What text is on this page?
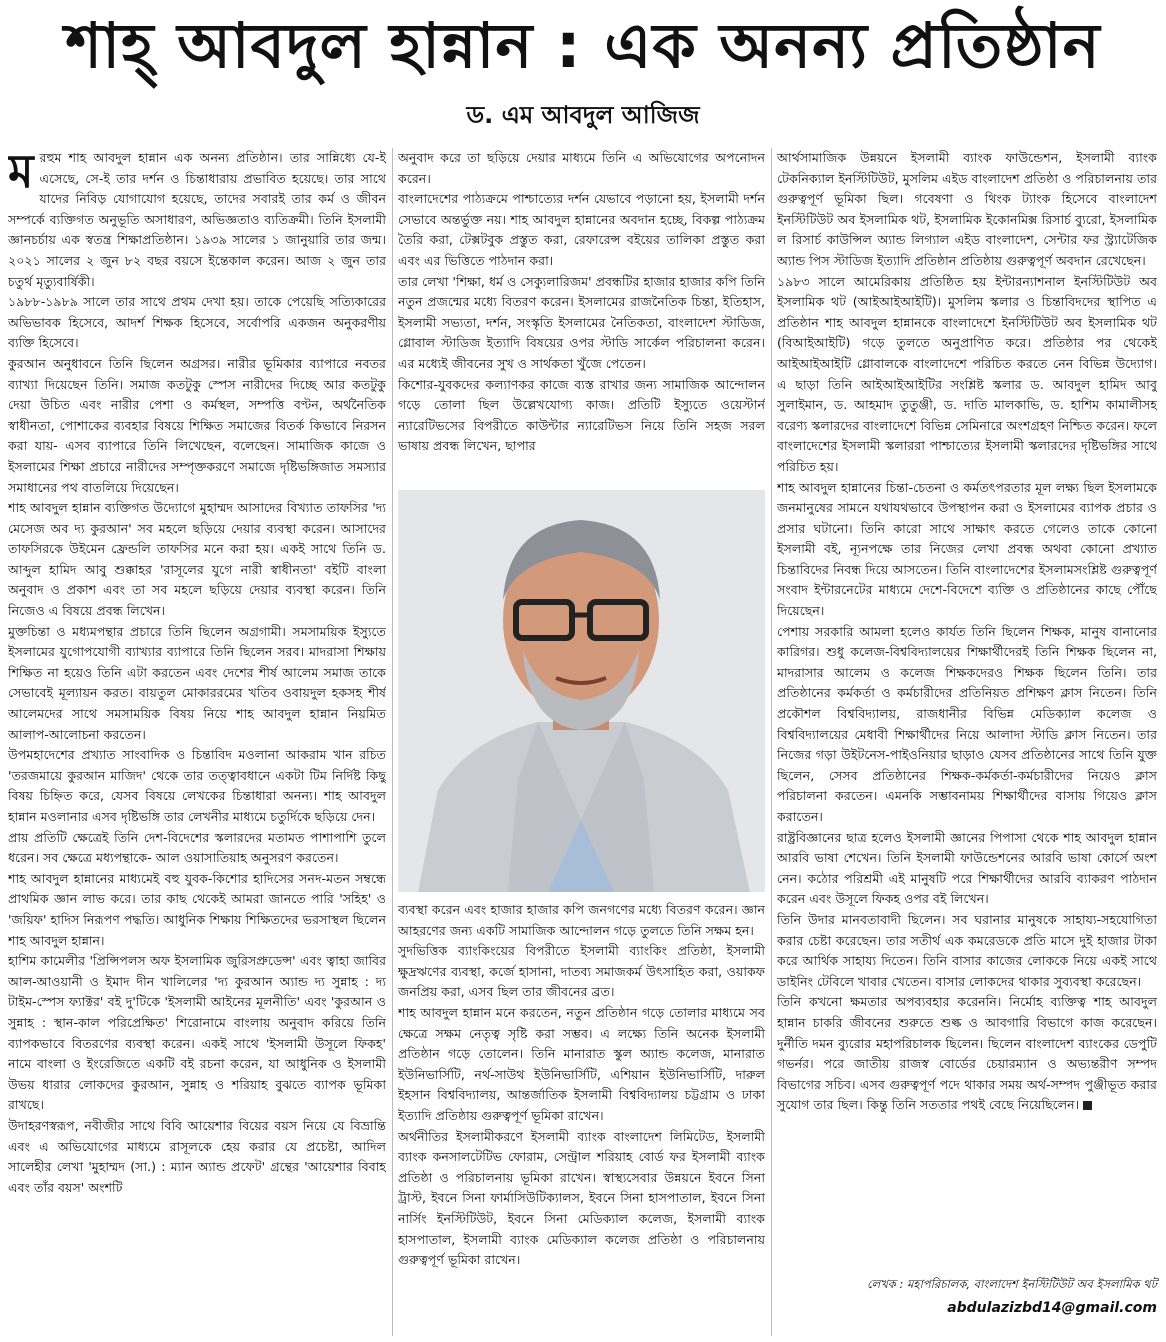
শাহ্‌ আবদুল হান্নান : এক অনন্য প্রতিষ্ঠান
ড. এম আবদুল আজিজ

মরহুম শাহ আবদুল হান্নান এক অনন্য প্রতিষ্ঠান। তার সান্নিধ্যে যে-ই এসেছে, সে-ই তার দর্শন ও চিন্তাধারায় প্রভাবিত হয়েছে। তার সাথে যাদের নিবিড় যোগাযোগ হয়েছে, তাদের সবারই তার কর্ম ও জীবন সম্পর্কে ব্যক্তিগত অনুভূতি অসাধারণ, অভিজ্ঞতাও ব্যতিক্রমী। তিনি ইসলামী জ্ঞানচর্চায় এক স্বতন্ত্র শিক্ষাপ্রতিষ্ঠান। ১৯৩৯ সালের ১ জানুয়ারি তার জন্ম। ২০২১ সালের ২ জুন ৮২ বছর বয়সে ইন্তেকাল করেন। আজ ২ জুন তার চতুর্থ মৃত্যুবার্ষিকী।

১৯৮৮-১৯৮৯ সালে তার সাথে প্রথম দেখা হয়। তাকে পেয়েছি সত্যিকারের অভিভাবক হিসেবে, আদর্শ শিক্ষক হিসেবে, সর্বোপরি একজন অনুকরণীয় ব্যক্তি হিসেবে।

কুরআন অনুধাবনে তিনি ছিলেন অগ্রসর। নারীর ভূমিকার ব্যাপারে নবতর ব্যাখ্যা দিয়েছেন তিনি। সমাজ কতটুকু স্পেস নারীদের দিচ্ছে আর কতটুকু দেয়া উচিত এবং নারীর পেশা ও কর্মস্থল, সম্পত্তি বণ্টন, অর্থনৈতিক স্বাধীনতা, পোশাকের ব্যবহার বিষয়ে শিক্ষিত সমাজের বিতর্ক কিভাবে নিরসন করা যায়- এসব ব্যাপারে তিনি লিখেছেন, বলেছেন। সামাজিক কাজে ও ইসলামের শিক্ষা প্রচারে নারীদের সম্পৃক্তকরণে সমাজে দৃষ্টিভঙ্গিজাত সমস্যার সমাধানের পথ বাতলিয়ে দিয়েছেন।

শাহ আবদুল হান্নান ব্যক্তিগত উদ্যোগে মুহাম্মদ আসাদের বিখ্যাত তাফসির 'দ্য মেসেজ অব দ্য কুরআন' সব মহলে ছড়িয়ে দেয়ার ব্যবস্থা করেন। আসাদের তাফসিরকে উইমেন ফ্রেন্ডলি তাফসির মনে করা হয়। একই সাথে তিনি ড. আব্দুল হামিদ আবু শুক্কাহর 'রাসূলের যুগে নারী স্বাধীনতা' বইটি বাংলা অনুবাদ ও প্রকাশ এবং তা সব মহলে ছড়িয়ে দেয়ার ব্যবস্থা করেন। তিনি নিজেও এ বিষয়ে প্রবন্ধ লিখেন।

মুক্তচিন্তা ও মধ্যমপন্থার প্রচারে তিনি ছিলেন অগ্রগামী। সমসাময়িক ইস্যুতে ইসলামের যুগোপযোগী ব্যাখ্যার ব্যাপারে তিনি ছিলেন সরব। মাদরাসা শিক্ষায় শিক্ষিত না হয়েও তিনি এটা করতেন এবং দেশের শীর্ষ আলেম সমাজ তাকে সেভাবেই মূল্যায়ন করত। বায়তুল মোকাররমের খতিব ওবায়দুল হকসহ শীর্ষ আলেমদের সাথে সমসাময়িক বিষয় নিয়ে শাহ আবদুল হান্নান নিয়মিত আলাপ-আলোচনা করতেন।

উপমহাদেশের প্রখ্যাত সাংবাদিক ও চিন্তাবিদ মওলানা আকরাম খান রচিত 'তরজমায়ে কুরআন মাজিদ' থেকে তার তত্ত্বাবধানে একটা টিম নির্দিষ্ট কিছু বিষয় চিহ্নিত করে, যেসব বিষয়ে লেখকের চিন্তাধারা অনন্য। শাহ আবদুল হান্নান মওলানার এসব দৃষ্টিভঙ্গি তার লেখনীর মাধ্যমে চতুর্দিকে ছড়িয়ে দেন।

প্রায় প্রতিটি ক্ষেত্রেই তিনি দেশ-বিদেশের স্কলারদের মতামত পাশাপাশি তুলে ধরেন। সব ক্ষেত্রে মধ্যপন্থাকে- আল ওয়াসাতিয়াহ অনুসরণ করতেন।

শাহ আবদুল হান্নানের মাধ্যমেই বহু যুবক-কিশোর হাদিসের সনদ-মতন সম্বন্ধে প্রাথমিক জ্ঞান লাভ করে। তার কাছ থেকেই আমরা জানতে পারি 'সহিহ' ও 'জয়িফ' হাদিস নিরূপণ পদ্ধতি। আধুনিক শিক্ষায় শিক্ষিতদের ভরসাস্থল ছিলেন শাহ আবদুল হান্নান।

হাশিম কামেলীর 'প্রিন্সিপলস অফ ইসলামিক জুরিসপ্রুডেন্স' এবং ত্বাহা জাবির আল-আওয়ানী ও ইমাদ দীন খালিলের 'দ্য কুরআন অ্যান্ড দ্য সুন্নাহ : দ্য টাইম-স্পেস ফ্যাক্টর' বই দু'টিকে 'ইসলামী আইনের মূলনীতি' এবং 'কুরআন ও সুন্নাহ : স্থান-কাল পরিপ্রেক্ষিত' শিরোনামে বাংলায় অনুবাদ করিয়ে তিনি ব্যাপকভাবে বিতরণের ব্যবস্থা করেন। একই সাথে 'ইসলামী উসূলে ফিকহ' নামে বাংলা ও ইংরেজিতে একটি বই রচনা করেন, যা আধুনিক ও ইসলামী উভয় ধারার লোকদের কুরআন, সুন্নাহ ও শরিয়াহ বুঝতে ব্যাপক ভূমিকা রাখছে।

উদাহরণস্বরূপ, নবীজীর সাথে বিবি আয়েশার বিয়ের বয়স নিয়ে যে বিভ্রান্তি এবং এ অভিযোগের মাধ্যমে রাসূলকে হেয় করার যে প্রচেষ্টা, আদিল সালেহীর লেখা 'মুহাম্মদ (সা.) : ম্যান অ্যান্ড প্রফেট' গ্রন্থের 'আয়েশার বিবাহ এবং তাঁর বয়স' অংশটি

অনুবাদ করে তা ছড়িয়ে দেয়ার মাধ্যমে তিনি এ অভিযোগের অপনোদন করেন।

বাংলাদেশের পাঠ্যক্রমে পাশ্চাত্যের দর্শন যেভাবে পড়ানো হয়, ইসলামী দর্শন সেভাবে অন্তর্ভুক্ত নয়। শাহ আবদুল হান্নানের অবদান হচ্ছে, বিকল্প পাঠ্যক্রম তৈরি করা, টেক্সটবুক প্রস্তুত করা, রেফারেন্স বইয়ের তালিকা প্রস্তুত করা এবং এর ভিত্তিতে পাঠদান করা।

তার লেখা 'শিক্ষা, ধর্ম ও সেক্যুলারিজম' প্রবন্ধটির হাজার হাজার কপি তিনি নতুন প্রজন্মের মধ্যে বিতরণ করেন। ইসলামের রাজনৈতিক চিন্তা, ইতিহাস, ইসলামী সভ্যতা, দর্শন, সংস্কৃতি ইসলামের নৈতিকতা, বাংলাদেশ স্টাডিজ, গ্লোবাল স্টাডিজ ইত্যাদি বিষয়ের ওপর স্টাডি সার্কেল পরিচালনা করেন। এর মধ্যেই জীবনের সুখ ও সার্থকতা খুঁজে পেতেন।

কিশোর-যুবকদের কল্যাণকর কাজে ব্যস্ত রাখার জন্য সামাজিক আন্দোলন গড়ে তোলা ছিল উল্লেখযোগ্য কাজ। প্রতিটি ইস্যুতে ওয়েস্টার্ন ন্যারেটিভসের বিপরীতে কাউন্টার ন্যারেটিভস নিয়ে তিনি সহজ সরল ভাষায় প্রবন্ধ লিখেন, ছাপার

ব্যবস্থা করেন এবং হাজার হাজার কপি জনগণের মধ্যে বিতরণ করেন। জ্ঞান আহরণের জন্য একটি সামাজিক আন্দোলন গড়ে তুলতে তিনি সক্ষম হন।

সুদভিত্তিক ব্যাংকিংয়ের বিপরীতে ইসলামী ব্যাংকিং প্রতিষ্ঠা, ইসলামী ক্ষুদ্রঋণের ব্যবস্থা, কর্জে হাসানা, দাতব্য সমাজকর্ম উৎসাহিত করা, ওয়াকফ জনপ্রিয় করা, এসব ছিল তার জীবনের ব্রত।

শাহ আবদুল হান্নান মনে করতেন, নতুন প্রতিষ্ঠান গড়ে তোলার মাধ্যমে সব ক্ষেত্রে সক্ষম নেতৃত্ব সৃষ্টি করা সম্ভব। এ লক্ষ্যে তিনি অনেক ইসলামী প্রতিষ্ঠান গড়ে তোলেন। তিনি মানারাত স্কুল অ্যান্ড কলেজ, মানারাত ইউনিভার্সিটি, নর্থ-সাউথ ইউনিভার্সিটি, এশিয়ান ইউনিভার্সিটি, দারুল ইহসান বিশ্ববিদ্যালয়, আন্তর্জাতিক ইসলামী বিশ্ববিদ্যালয় চট্টগ্রাম ও ঢাকা ইত্যাদি প্রতিষ্ঠায় গুরুত্বপূর্ণ ভূমিকা রাখেন।

অর্থনীতির ইসলামীকরণে ইসলামী ব্যাংক বাংলাদেশ লিমিটেড, ইসলামী ব্যাংক কনসালটেটিভ ফোরাম, সেন্ট্রাল শরিয়াহ বোর্ড ফর ইসলামী ব্যাংক প্রতিষ্ঠা ও পরিচালনায় ভূমিকা রাখেন। স্বাস্থ্যসেবার উন্নয়নে ইবনে সিনা ট্রাস্ট, ইবনে সিনা ফার্মাসিউটিক্যালস, ইবনে সিনা হাসপাতাল, ইবনে সিনা নার্সিং ইনস্টিটিউট, ইবনে সিনা মেডিক্যাল কলেজ, ইসলামী ব্যাংক হাসপাতাল, ইসলামী ব্যাংক মেডিক্যাল কলেজ প্রতিষ্ঠা ও পরিচালনায় গুরুত্বপূর্ণ ভূমিকা রাখেন।

আর্থসামাজিক উন্নয়নে ইসলামী ব্যাংক ফাউন্ডেশন, ইসলামী ব্যাংক টেকনিক্যাল ইনস্টিটিউট, মুসলিম এইড বাংলাদেশ প্রতিষ্ঠা ও পরিচালনায় তার গুরুত্বপূর্ণ ভূমিকা ছিল। গবেষণা ও থিংক ট্যাংক হিসেবে বাংলাদেশ ইনস্টিটিউট অব ইসলামিক থট, ইসলামিক ইকোনমিক্স রিসার্চ ব্যুরো, ইসলামিক ল রিসার্চ কাউন্সিল অ্যান্ড লিগ্যাল এইড বাংলাদেশ, সেন্টার ফর স্ট্র্যাটেজিক অ্যান্ড পিস স্টাডিজ ইত্যাদি প্রতিষ্ঠান প্রতিষ্ঠায় গুরুত্বপূর্ণ অবদান রেখেছেন।

১৯৮৩ সালে আমেরিকায় প্রতিষ্ঠিত হয় ইন্টারন্যাশনাল ইনস্টিটিউট অব ইসলামিক থট (আইআইআইটি)। মুসলিম স্কলার ও চিন্তাবিদদের স্থাপিত এ প্রতিষ্ঠান শাহ আবদুল হান্নানকে বাংলাদেশে ইনস্টিটিউট অব ইসলামিক থট (বিআইআইটি) গড়ে তুলতে অনুপ্রাণিত করে। প্রতিষ্ঠার পর থেকেই আইআইআইটি গ্লোবালকে বাংলাদেশে পরিচিত করতে নেন বিভিন্ন উদ্যোগ। এ ছাড়া তিনি আইআইআইটির সংশ্লিষ্ট স্কলার ড. আবদুল হামিদ আবু সুলাইমান, ড. আহমাদ তুতুঞ্জী, ড. দাতি মালকাভি, ড. হাশিম কামালীসহ বরেণ্য স্কলারদের বাংলাদেশে বিভিন্ন সেমিনারে অংশগ্রহণ নিশ্চিত করেন। ফলে বাংলাদেশের ইসলামী স্কলাররা পাশ্চাত্যের ইসলামী স্কলারদের দৃষ্টিভঙ্গির সাথে পরিচিত হয়।

শাহ আবদুল হান্নানের চিন্তা-চেতনা ও কর্মতৎপরতার মূল লক্ষ্য ছিল ইসলামকে জনমানুষের সামনে যথাযথভাবে উপস্থাপন করা ও ইসলামের ব্যাপক প্রচার ও প্রসার ঘটানো। তিনি কারো সাথে সাক্ষাৎ করতে গেলেও তাকে কোনো ইসলামী বই, ন্যূনপক্ষে তার নিজের লেখা প্রবন্ধ অথবা কোনো প্রখ্যাত চিন্তাবিদের নিবন্ধ দিয়ে আসতেন। তিনি বাংলাদেশের ইসলামসংশ্লিষ্ট গুরুত্বপূর্ণ সংবাদ ইন্টারনেটের মাধ্যমে দেশে-বিদেশে ব্যক্তি ও প্রতিষ্ঠানের কাছে পৌঁছে দিয়েছেন।

পেশায় সরকারি আমলা হলেও কার্যত তিনি ছিলেন শিক্ষক, মানুষ বানানোর কারিগর। শুধু কলেজ-বিশ্ববিদ্যালয়ের শিক্ষার্থীদেরই তিনি শিক্ষক ছিলেন না, মাদরাসার আলেম ও কলেজ শিক্ষকদেরও শিক্ষক ছিলেন তিনি। তার প্রতিষ্ঠানের কর্মকর্তা ও কর্মচারীদের প্রতিনিয়ত প্রশিক্ষণ ক্লাস নিতেন। তিনি প্রকৌশল বিশ্ববিদ্যালয়, রাজধানীর বিভিন্ন মেডিক্যাল কলেজ ও বিশ্ববিদ্যালয়ের মেধাবী শিক্ষার্থীদের নিয়ে আলাদা স্টাডি ক্লাস নিতেন। তার নিজের গড়া উইটনেস-পাইওনিয়ার ছাড়াও যেসব প্রতিষ্ঠানের সাথে তিনি যুক্ত ছিলেন, সেসব প্রতিষ্ঠানের শিক্ষক-কর্মকর্তা-কর্মচারীদের নিয়েও ক্লাস পরিচালনা করতেন। এমনকি সম্ভাবনাময় শিক্ষার্থীদের বাসায় গিয়েও ক্লাস করাতেন।

রাষ্ট্রবিজ্ঞানের ছাত্র হলেও ইসলামী জ্ঞানের পিপাসা থেকে শাহ আবদুল হান্নান আরবি ভাষা শেখেন। তিনি ইসলামী ফাউন্ডেশনের আরবি ভাষা কোর্সে অংশ নেন। কঠোর পরিশ্রমী এই মানুষটি পরে শিক্ষার্থীদের আরবি ব্যাকরণ পাঠদান করেন এবং উসূলে ফিকহ ওপর বই লিখেন।

তিনি উদার মানবতাবাদী ছিলেন। সব ঘরানার মানুষকে সাহায্য-সহযোগিতা করার চেষ্টা করেছেন। তার সতীর্থ এক কমরেডকে প্রতি মাসে দুই হাজার টাকা করে আর্থিক সাহায্য দিতেন। তিনি বাসার কাজের লোককে নিয়ে একই সাথে ডাইনিং টেবিলে খাবার খেতেন। বাসার লোকদের থাকার সুব্যবস্থা করেছেন।

তিনি কখনো ক্ষমতার অপব্যবহার করেননি। নির্মোহ ব্যক্তিত্ব শাহ আবদুল হান্নান চাকরি জীবনের শুরুতে শুল্ক ও আবগারি বিভাগে কাজ করেছেন। দুর্নীতি দমন ব্যুরোর মহাপরিচালক ছিলেন। ছিলেন বাংলাদেশ ব্যাংকের ডেপুটি গভর্নর। পরে জাতীয় রাজস্ব বোর্ডের চেয়ারম্যান ও অভ্যন্তরীণ সম্পদ বিভাগের সচিব। এসব গুরুত্বপূর্ণ পদে থাকার সময় অর্থ-সম্পদ পুঞ্জীভূত করার সুযোগ তার ছিল। কিন্তু তিনি সততার পথই বেছে নিয়েছিলেন।

লেখক : মহাপরিচালক, বাংলাদেশ ইনস্টিটিউট অব ইসলামিক থট
abdulazizbd14@gmail.com
